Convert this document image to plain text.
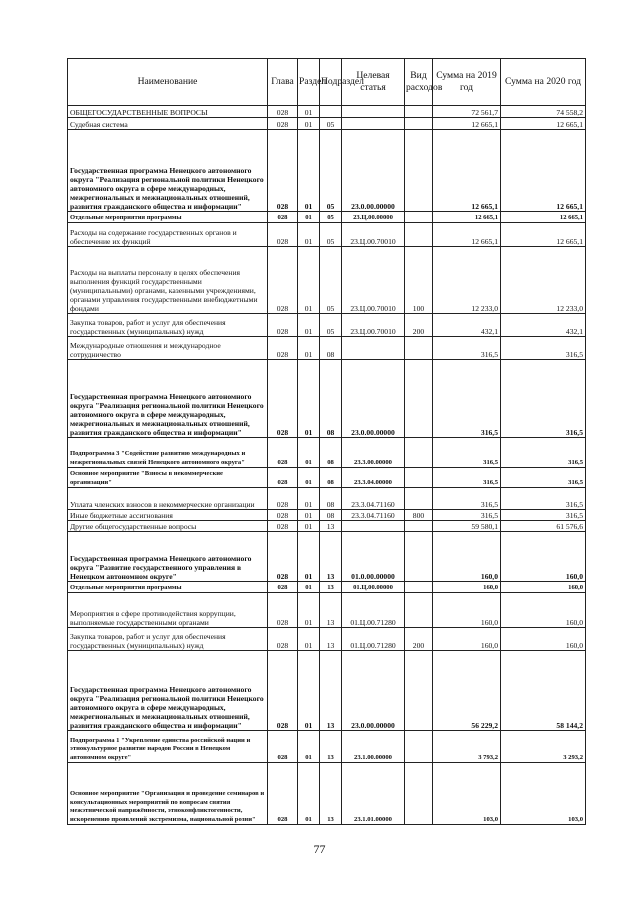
Наименование	Глава	Раздел	Подраздел	Целевая статья	Вид расходов	Сумма на 2019 год	Сумма на 2020 год
ОБЩЕГОСУДАРСТВЕННЫЕ ВОПРОСЫ	028	01				72 561,7	74 558,2
Судебная система	028	01	05			12 665,1	12 665,1
Государственная программа Ненецкого автономного округа "Реализация региональной политики Ненецкого автономного округа в сфере международных, межрегиональных и межнациональных отношений, развития гражданского общества и информации"	028	01	05	23.0.00.00000		12 665,1	12 665,1
Отдельные мероприятия программы	028	01	05	23.Ц.00.00000		12 665,1	12 665,1
Расходы на содержание государственных органов и обеспечение их функций	028	01	05	23.Ц.00.70010		12 665,1	12 665,1
Расходы на выплаты персоналу в целях обеспечения выполнения функций государственными (муниципальными) органами, казенными учреждениями, органами управления государственными внебюджетными фондами	028	01	05	23.Ц.00.70010	100	12 233,0	12 233,0
Закупка товаров, работ и услуг для обеспечения государственных (муниципальных) нужд	028	01	05	23.Ц.00.70010	200	432,1	432,1
Международные отношения и международное сотрудничество	028	01	08			316,5	316,5
Государственная программа Ненецкого автономного округа "Реализация региональной политики Ненецкого автономного округа в сфере международных, межрегиональных и межнациональных отношений, развития гражданского общества и информации"	028	01	08	23.0.00.00000		316,5	316,5
Подпрограмма 3 "Содействие развитию международных и межрегиональных связей Ненецкого автономного округа"	028	01	08	23.3.00.00000		316,5	316,5
Основное мероприятие "Взносы в некоммерческие организации"	028	01	08	23.3.04.00000		316,5	316,5
Уплата членских взносов в некоммерческие организации	028	01	08	23.3.04.71160		316,5	316,5
Иные бюджетные ассигнования	028	01	08	23.3.04.71160	800	316,5	316,5
Другие общегосударственные вопросы	028	01	13			59 580,1	61 576,6
Государственная программа Ненецкого автономного округа "Развитие государственного управления в Ненецком автономном округе"	028	01	13	01.0.00.00000		160,0	160,0
Отдельные мероприятия программы	028	01	13	01.Ц.00.00000		160,0	160,0
Мероприятия в сфере противодействия коррупции, выполняемые государственными органами	028	01	13	01.Ц.00.71280		160,0	160,0
Закупка товаров, работ и услуг для обеспечения государственных (муниципальных) нужд	028	01	13	01.Ц.00.71280	200	160,0	160,0
Государственная программа Ненецкого автономного округа "Реализация региональной политики Ненецкого автономного округа в сфере международных, межрегиональных и межнациональных отношений, развития гражданского общества и информации"	028	01	13	23.0.00.00000		56 229,2	58 144,2
Подпрограмма 1 "Укрепление единства российской нации и этнокультурное развитие народов России в Ненецком автономном округе"	028	01	13	23.1.00.00000		3 793,2	3 293,2
Основное мероприятие "Организация и проведение семинаров и консультационных мероприятий по вопросам снятия межэтнической напряжённости, этноконфликтогенности, искоренению проявлений экстремизма, национальной розни"	028	01	13	23.1.01.00000		103,0	103,0
77
